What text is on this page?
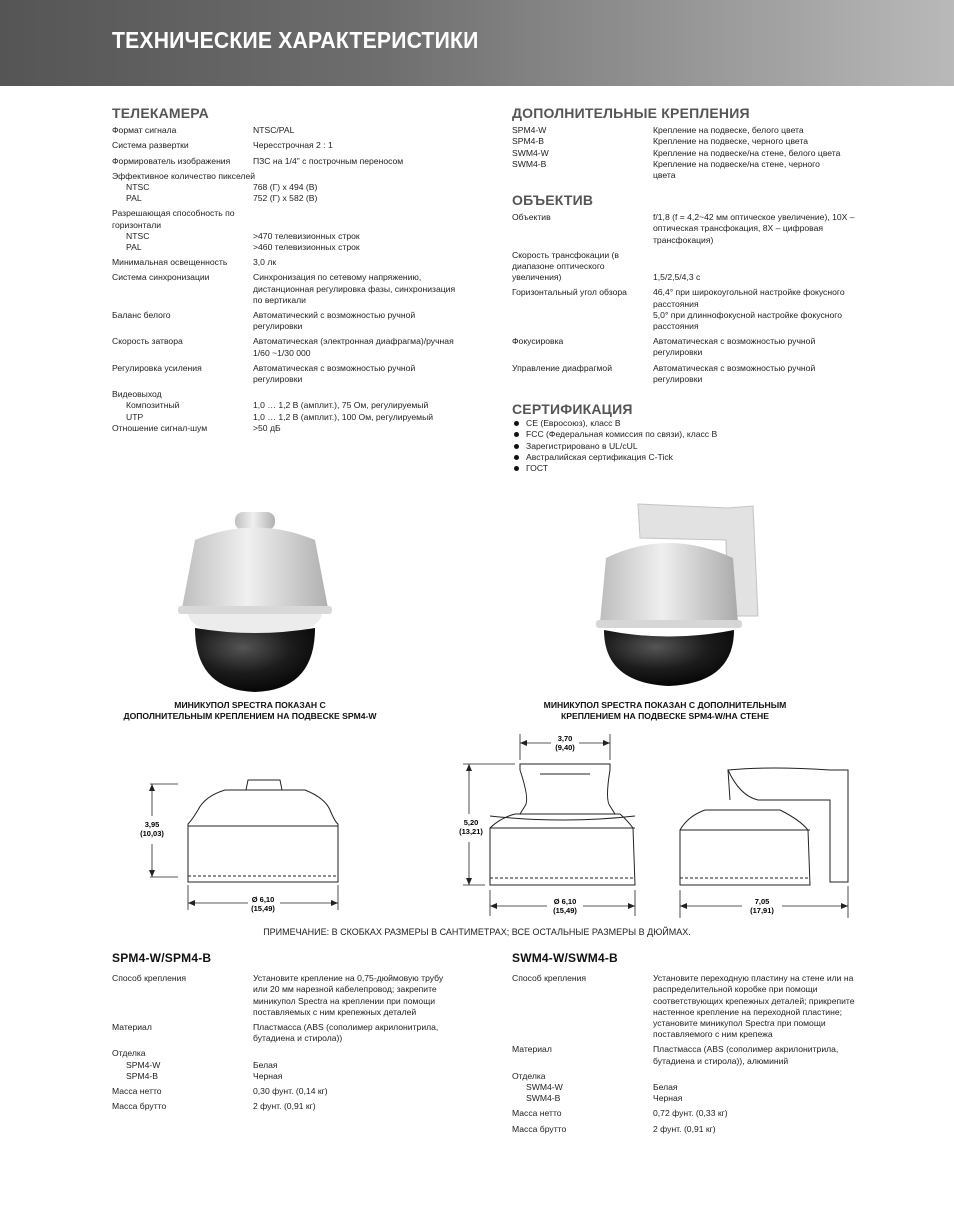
ТЕХНИЧЕСКИЕ ХАРАКТЕРИСТИКИ
ТЕЛЕКАМЕРА
Формат сигнала	NTSC/PAL
Система развертки	Чересстрочная 2 : 1
Формирователь изображения	ПЗС на 1/4" с построчным переносом
Эффективное количество пикселей
NTSC	768 (Г) x 494 (В)
PAL	752 (Г) x 582 (В)
Разрешающая способность по горизонтали
NTSC	>470 телевизионных строк
PAL	>460 телевизионных строк
Минимальная освещенность	3,0 лк
Система синхронизации	Синхронизация по сетевому напряжению, дистанционная регулировка фазы, синхронизация по вертикали
Баланс белого	Автоматический с возможностью ручной регулировки
Скорость затвора	Автоматическая (электронная диафрагма)/ручная 1/60 ~1/30 000
Регулировка усиления	Автоматическая с возможностью ручной регулировки
Видеовыход
Композитный	1,0 … 1,2 В (амплит.), 75 Ом, регулируемый
UTP	1,0 … 1,2 В (амплит.), 100 Ом, регулируемый
Отношение сигнал-шум	>50 дБ
ДОПОЛНИТЕЛЬНЫЕ КРЕПЛЕНИЯ
SPM4-W	Крепление на подвеске, белого цвета
SPM4-B	Крепление на подвеске, черного цвета
SWM4-W	Крепление на подвеске/на стене, белого цвета
SWM4-B	Крепление на подвеске/на стене, черного цвета
ОБЪЕКТИВ
Объектив	f/1,8 (f = 4,2~42 мм оптическое увеличение), 10X – оптическая трансфокация, 8X – цифровая трансфокация)
Скорость трансфокации (в диапазоне оптического увеличения)	1,5/2,5/4,3 с
Горизонтальный угол обзора	46,4° при широкоугольной настройке фокусного расстояния
5,0° при длиннофокусной настройке фокусного расстояния
Фокусировка	Автоматическая с возможностью ручной регулировки
Управление диафрагмой	Автоматическая с возможностью ручной регулировки
СЕРТИФИКАЦИЯ
CE (Евросоюз), класс B
FCC (Федеральная комиссия по связи), класс B
Зарегистрировано в UL/cUL
Австралийская сертификация C-Tick
ГОСТ
МИНИКУПОЛ SPECTRA ПОКАЗАН С
ДОПОЛНИТЕЛЬНЫМ КРЕПЛЕНИЕМ НА ПОДВЕСКЕ SPM4-W
МИНИКУПОЛ SPECTRA ПОКАЗАН С ДОПОЛНИТЕЛЬНЫМ
КРЕПЛЕНИЕМ НА ПОДВЕСКЕ SPM4-W/НА СТЕНЕ
3,95
(10,03)
Ø 6,10
(15,49)
3,70
(9,40)
5,20
(13,21)
Ø 6,10
(15,49)
7,05
(17,91)
ПРИМЕЧАНИЕ: В СКОБКАХ РАЗМЕРЫ В САНТИМЕТРАХ; ВСЕ ОСТАЛЬНЫЕ РАЗМЕРЫ В ДЮЙМАХ.
SPM4-W/SPM4-B
Способ крепления	Установите крепление на 0,75-дюймовую трубу или 20 мм нарезной кабелепровод; закрепите миникупол Spectra на креплении при помощи поставляемых с ним крепежных деталей
Материал	Пластмасса (ABS (сополимер акрилонитрила, бутадиена и стирола))
Отделка
SPM4-W	Белая
SPM4-B	Черная
Масса нетто	0,30 фунт. (0,14 кг)
Масса брутто	2 фунт. (0,91 кг)
SWM4-W/SWM4-B
Способ крепления	Установите переходную пластину на стене или на распределительной коробке при помощи соответствующих крепежных деталей; прикрепите настенное крепление на переходной пластине; установите миникупол Spectra при помощи поставляемого с ним крепежа
Материал	Пластмасса (ABS (сополимер акрилонитрила, бутадиена и стирола)), алюминий
Отделка
SWM4-W	Белая
SWM4-B	Черная
Масса нетто	0,72 фунт. (0,33 кг)
Масса брутто	2 фунт. (0,91 кг)
